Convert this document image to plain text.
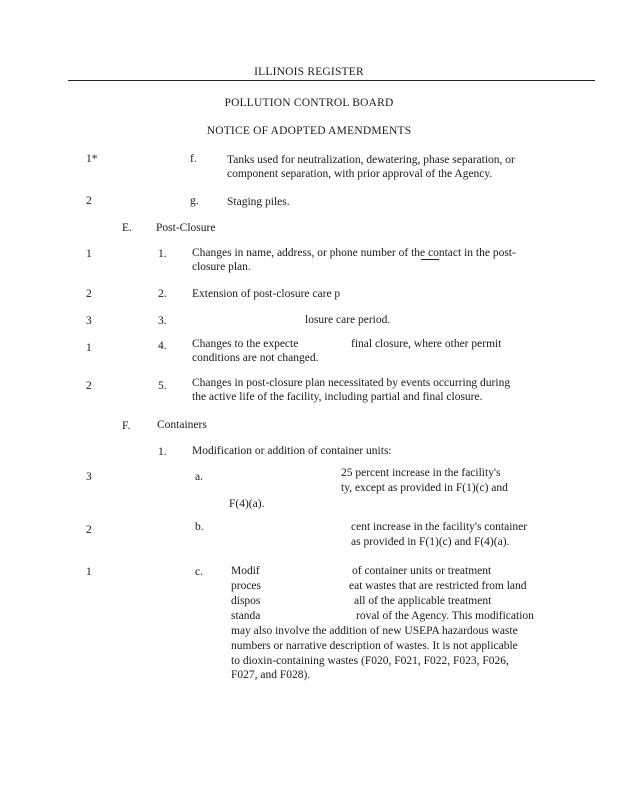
ILLINOIS REGISTER
POLLUTION CONTROL BOARD
NOTICE OF ADOPTED AMENDMENTS
1*	f.	Tanks used for neutralization, dewatering, phase separation, or
component separation, with prior approval of the Agency.
2	g. Staging piles.
E. Post-Closure
1	1. Changes in name, address, or phone number of the contact in the post-
closure plan.
2	2. Extension of post-closure care p
3	3.	losure care period.
1	4. Changes to the expecte	final closure, where other permit
conditions are not changed.
2	5. Changes in post-closure plan necessitated by events occurring during
the active life of the facility, including partial and final closure.
F. Containers
1. Modification or addition of container units:
3	a.	25 percent increase in the facility's
ty, except as provided in F(1)(c) and
F(4)(a).
2	b.	cent increase in the facility's container
as provided in F(1)(c) and F(4)(a).
1	c. Modif	of container units or treatment
proces	eat wastes that are restricted from land
dispos	all of the applicable treatment
standa	roval of the Agency. This modification
may also involve the addition of new USEPA hazardous waste
numbers or narrative description of wastes. It is not applicable
to dioxin-containing wastes (F020, F021, F022, F023, F026,
F027, and F028).
